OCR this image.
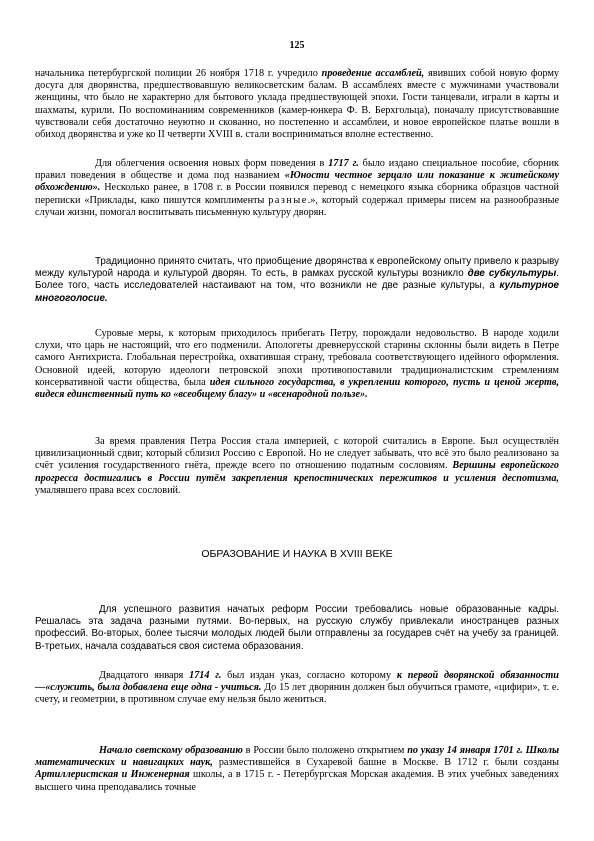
125
начальника петербургской полиции 26 ноября 1718 г. учредило проведение ассамблей, явивших собой новую форму досуга для дворянства, предшествовавшую великосветским балам. В ассамблеях вместе с мужчинами участвовали женщины, что было не характерно для бытового уклада предшествующей эпохи. Гости танцевали, играли в карты и шахматы, курили. По воспоминаниям современников (камер-юнкера Ф. В. Берхгольца), поначалу присутствовавшие чувствовали себя достаточно неуютно и скованно, но постепенно и ассамблеи, и новое европейское платье вошли в обиход дворянства и уже ко II четверти XVIII в. стали восприниматься вполне естественно.
Для облегчения освоения новых форм поведения в 1717 г. было издано специальное пособие, сборник правил поведения в обществе и дома под названием «Юности честное зерцало или показание к житейскому обхождению». Несколько ранее, в 1708 г. в России появился перевод с немецкого языка сборника образцов частной переписки «Приклады, како пишутся комплименты разные.», который содержал примеры писем на разнообразные случаи жизни, помогал воспитывать письменную культуру дворян.
Традиционно принято считать, что приобщение дворянства к европейскому опыту привело к разрыву между культурой народа и культурой дворян. То есть, в рамках русской культуры возникло две субкультуры. Более того, часть исследователей настаивают на том, что возникли не две разные культуры, а культурное многоголосие.
Суровые меры, к которым приходилось прибегать Петру, порождали недовольство. В народе ходили слухи, что царь не настоящий, что его подменили. Апологеты древнерусской старины склонны были видеть в Петре самого Антихриста. Глобальная перестройка, охватившая страну, требовала соответствующего идейного оформления. Основной идеей, которую идеологи петровской эпохи противопоставили традиционалистским стремлениям консервативной части общества, была идея сильного государства, в укреплении которого, пусть и ценой жертв, видеся единственный путь ко «всеобщему благу» и «всенародной пользе».
За время правления Петра Россия стала империей, с которой считались в Европе. Был осуществлён цивилизационный сдвиг, который сблизил Россию с Европой. Но не следует забывать, что всё это было реализовано за счёт усиления государственного гнёта, прежде всего по отношению податным сословиям. Вершины европейского прогресса достигались в России путём закрепления крепостнических пережитков и усиления деспотизма, умалявшего права всех сословий.
ОБРАЗОВАНИЕ И НАУКА В XVIII ВЕКЕ
Для успешного развития начатых реформ России требовались новые образованные кадры. Решалась эта задача разными путями. Во-первых, на русскую службу привлекали иностранцев разных профессий. Во-вторых, более тысячи молодых людей были отправлены за государев счёт на учебу за границей. В-третьих, начала создаваться своя система образования.
Двадцатого января 1714 г. был издан указ, согласно которому к первой дворянской обязанности —«служить, была добавлена еще одна - учиться. До 15 лет дворянин должен был обучиться грамоте, «цифири», т. е. счету, и геометрии, в противном случае ему нельзя было жениться.
Начало светскому образованию в России было положено открытием по указу 14 января 1701 г. Школы математических и навигацких наук, разместившейся в Сухаревой башне в Москве. В 1712 г. были созданы Артиллеристская и Инженерная школы, а в 1715 г. - Петербургская Морская академия. В этих учебных заведениях высшего чина преподавались точные
